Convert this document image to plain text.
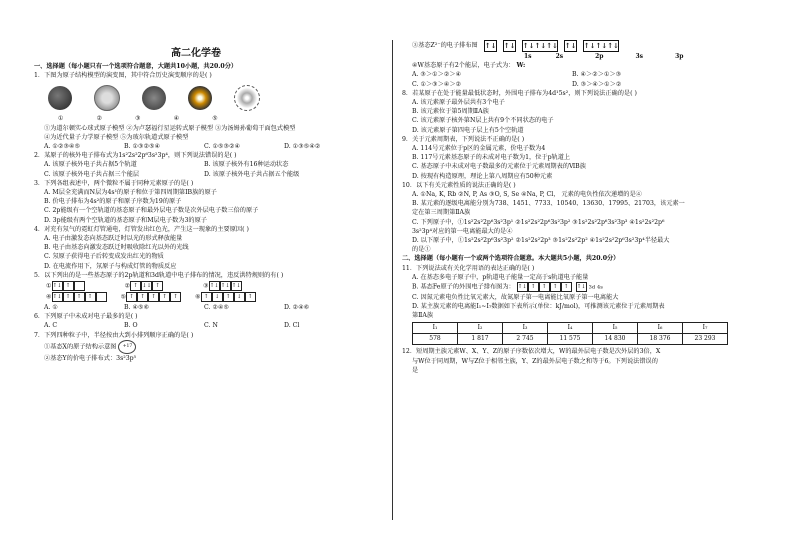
高二化学卷

一、选择题（每小题只有一个选项符合题意，大题共10小题，共20.0分）

1．下图为原子结构模型的演变图，其中符合历史演变顺序的是( )

①	②	③	④	⑤

①为道尔顿实心球式原子模型 ②为卢瑟福行星运转式原子模型 ③为汤姆孙葡萄干面包式模型

④为近代量子力学原子模型 ⑤为玻尔轨道式原子模型

A. ①②③④⑤	B. ①③②⑤④	C. ①⑤③②④	D. ①③⑤④②

2．某原子的核外电子排布式为1s²2s²2p⁶3s²3p⁴，则下列说法错误的是( )

A. 该原子核外电子共占据5个轨道	B. 该原子核外有16种运动状态
C. 该原子核外电子共占据三个能层	D. 该原子核外电子共占据五个能级

3．下列各组表述中，两个微粒不属于同种元素原子的是( )

A. M层全充满而N层为4s¹的原子和位于第四周期第ⅠB族的原子

B. 价电子排布为4s²的原子和原子序数为19的原子

C. 2p能级有一个空轨道的基态原子和最外层电子数是次外层电子数三倍的原子

D. 3p能级有两个空轨道的基态原子和M层电子数为3的原子

4．对充有氖气的霓虹灯管通电，灯管发出红色光，产生这一现象的主要原因( )

A. 电子由激发态向基态跃迁时以光的形式释放能量

B. 电子由基态向激发态跃迁时吸收除红光以外的光线

C. 氖原子获得电子后转变成发出红光的物质

D. 在电流作用下，氖原子与构成灯管的物质反应

5．以下列出的是一些基态原子的2p轨道和3d轨道中电子排布的情况，违反洪特规则的有( )

① ↑↓ ↑	② ↑ ↓↓ ↑	③ ↑↓ ↑↓ ↑↓
④ ↑↓ ↑	↑	↑	⑤ ↑	↑	↑	↑	↑	⑥ ↑	↓	↑	↓	↑
A. ①	B. ④⑤⑥	C. ②④⑤	D. ②④⑥

6．下列原子中未成对电子最多的是( )

A. C	B. O	C. N	D. Cl

7．下列四种粒子中，半径按由大到小排列顺序正确的是( )

①基态X的原子结构示意图 +17

②基态Y的价电子排布式：3s²3p⁵

③基态Z²⁻的电子排布图 ↑↓ ↑↓ ↑↓↑↓↑↓ ↑↓ ↑↓↑↓↑↓
1s	2s	2p	3s	3p

④W基态原子有2个能层，电子式为： W:

A. ③＞①＞②＞④	B. ④＞②＞①＞③
C. ①＞③＞④＞②	D. ③＞④＞①＞②

8．若某原子在处于能量最低状态时，外围电子排布为4d¹5s²，则下列说法正确的是( )

A. 该元素原子最外层共有3个电子

B. 该元素位于第5周期ⅡA族

C. 该元素原子核外第N层上共有9个不同状态的电子

D. 该元素原子第四电子层上有5个空轨道

9．关于元素周期表，下列说法不正确的是( )

A. 114号元素位于p区的金属元素，价电子数为4

B. 117号元素基态原子的未成对电子数为1，位于p轨道上

C. 基态原子中未成对电子数最多的元素位于元素周期表的ⅥB族

D. 按现有构造原理，理论上第八周期应有50种元素

10．以下有关元素性质的说法正确的是( )

A. ①Na, K, Rb ②N, P, As ③O, S, Se ④Na, P, Cl， 元素的电负性依次递增的是④

B. 某元素的逐级电离能分别为738、1451、7733、10540、13630、17995、21703，该元素一

定在第三周期第ⅡA族

C. 下列原子中，①1s²2s²2p⁶3s²3p¹ ②1s²2s²2p⁶3s²3p² ③1s²2s²2p⁶3s²3p³ ④1s²2s²2p⁶

3s²3p⁴对应的第一电离能最大的是④

D. 以下原子中，①1s²2s²2p⁶3s²3p² ②1s²2s²2p³ ③1s²2s²2p² ④1s²2s²2p⁶3s²3p⁴半径最大

的是①

二、选择题（每小题有一个或两个选项符合题意。本大题共5小题，共20.0分）

11．下列说法或有关化学用语的表达正确的是( )

A. 在基态多电子原子中，p轨道电子能量一定高于s轨道电子能量

B. 基态Fe原子的外围电子排布图为： ↑↓ ↑	↑	↑	↑	↑↓ 3d 4s

C. 因氮元素电负性比氧元素大，故氮原子第一电离能比氧原子第一电离能大

D. 某主族元素的电离能I₁~I₇数据如下表所示(单位：kJ/mol)，可推测该元素位于元素周期表

第ⅡA族

I₁	I₂	I₃	I₄	I₅	I₆	I₇
578	1 817	2 745	11 575	14 830	18 376	23 293

12．短周期主族元素W、X、Y、Z的原子序数依次增大，W的最外层电子数是次外层的3倍，X

与W位于同周期，W与Z位于相邻主族，Y、Z的最外层电子数之和等于6。下列说法错误的

是
